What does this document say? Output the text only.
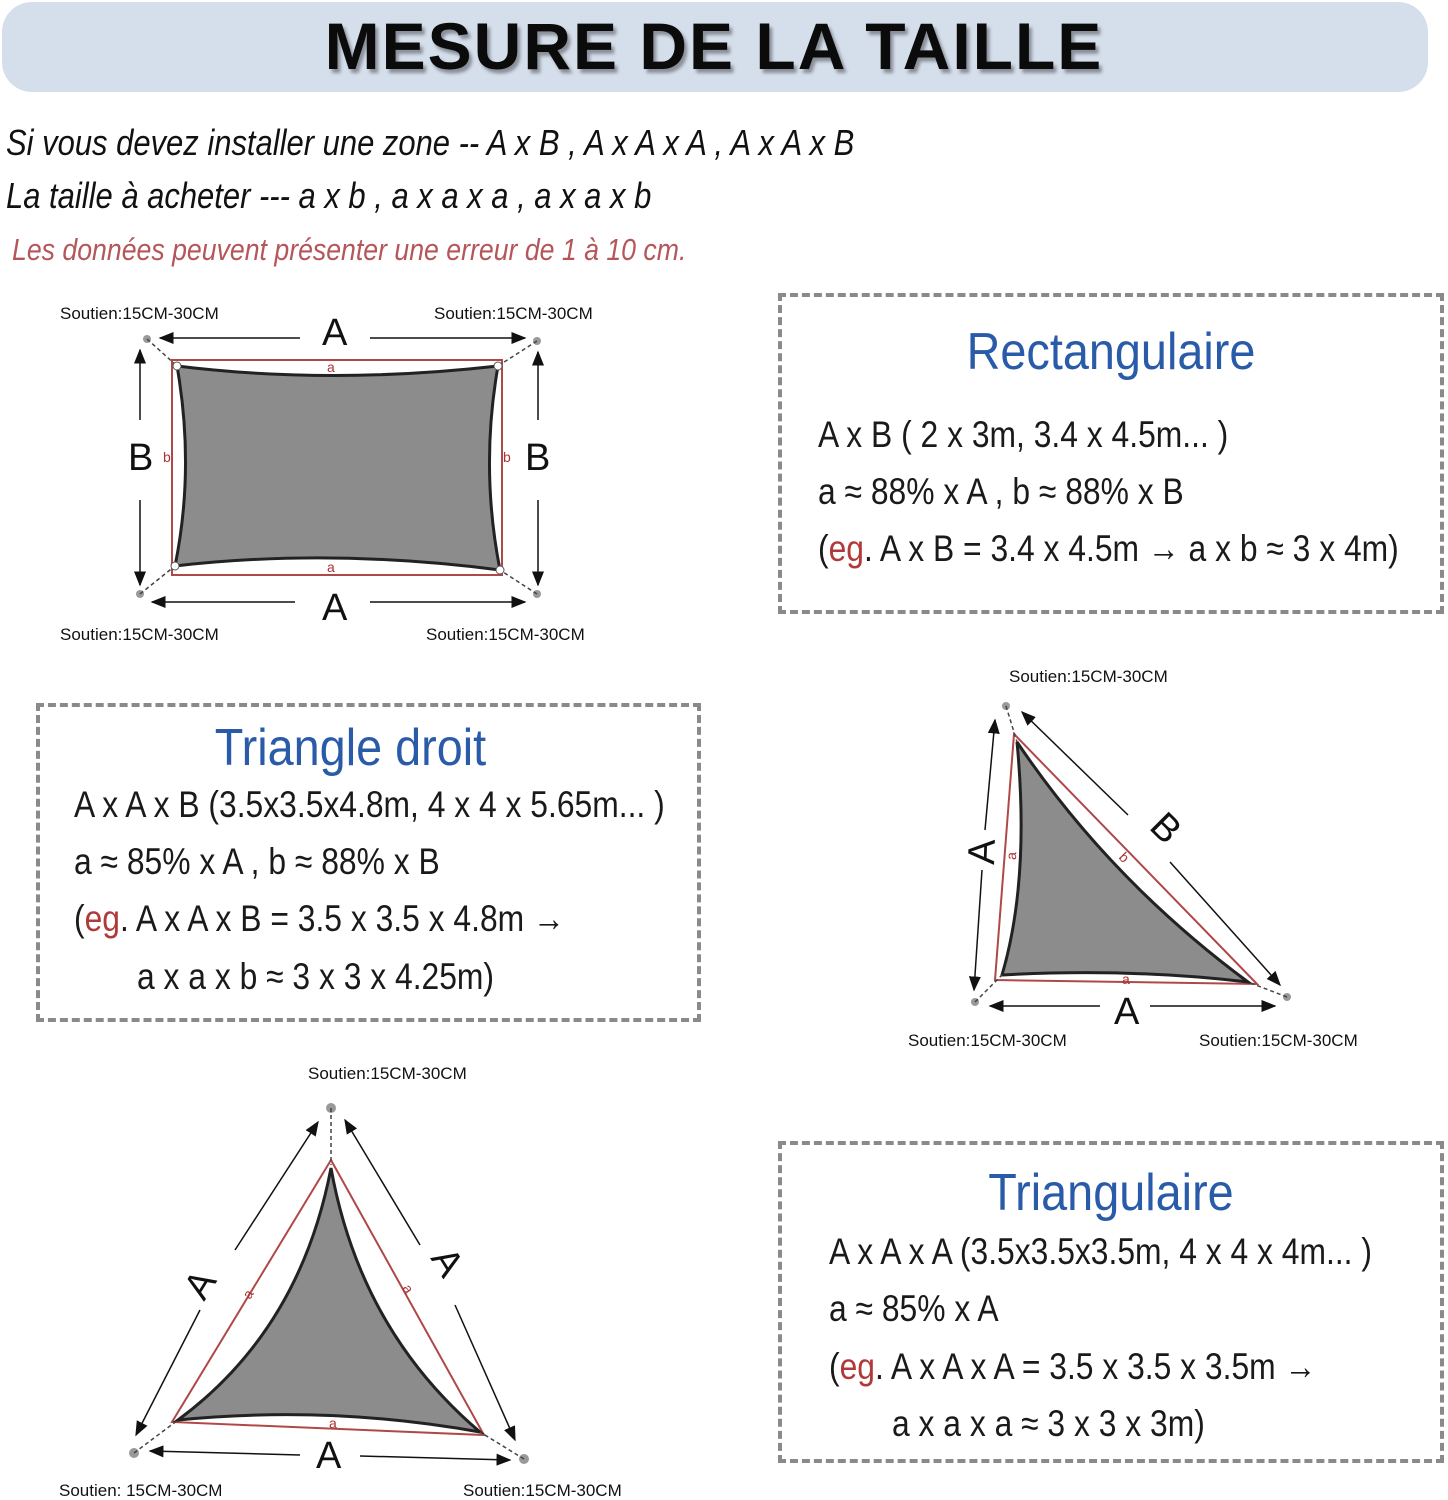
MESURE DE LA TAILLE
Si vous devez installer une zone -- A x B , A x A x A , A x A x B
La taille à acheter --- a x b , a x a x a , a x a x b
Les données peuvent présenter une erreur de 1 à 10 cm.
A
A
B	B
a
a
b	b
Soutien:15CM-30CM	Soutien:15CM-30CM
Soutien:15CM-30CM	Soutien:15CM-30CM
A
A	B
a
a	b
Soutien:15CM-30CM
Soutien:15CM-30CM	Soutien:15CM-30CM
A
A
A
a
a	a
Soutien:15CM-30CM
Soutien: 15CM-30CM	Soutien:15CM-30CM
Rectangulaire
A x B ( 2 x 3m, 3.4 x 4.5m... )
a ≈ 88% x A , b ≈ 88% x B
(eg. A x B = 3.4 x 4.5m → a x b ≈ 3 x 4m)
Triangle droit
A x A x B (3.5x3.5x4.8m, 4 x 4 x 5.65m... )
a ≈ 85% x A , b ≈ 88% x B
(eg. A x A x B = 3.5 x 3.5 x 4.8m →
a x a x b ≈ 3 x 3 x 4.25m)
Triangulaire
A x A x A (3.5x3.5x3.5m, 4 x 4 x 4m... )
a ≈ 85% x A
(eg. A x A x A = 3.5 x 3.5 x 3.5m →
a x a x a ≈ 3 x 3 x 3m)
